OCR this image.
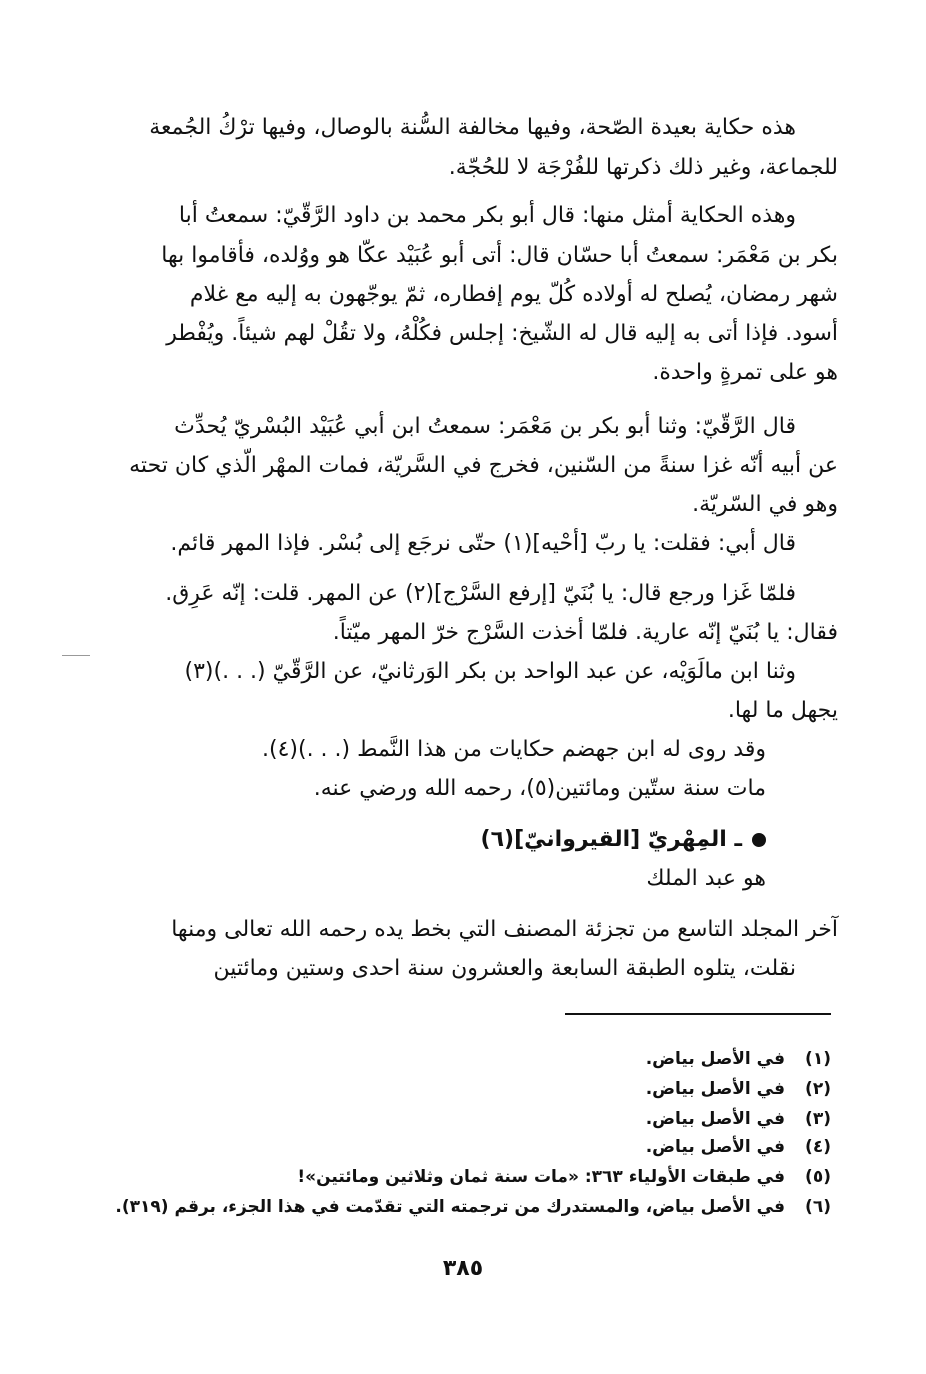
هذه حكاية بعيدة الصّحة، وفيها مخالفة السُّنة بالوصال، وفيها ترْكُ الجُمعة
للجماعة، وغير ذلك ذكرتها للفُرْجَة لا للحُجّة.
وهذه الحكاية أمثل منها: قال أبو بكر محمد بن داود الرَّقّيّ: سمعتُ أبا
بكر بن مَعْمَر: سمعتُ أبا حسّان قال: أتى أبو عُبَيْد عكّا هو ووُلده، فأقاموا بها
شهر رمضان، يُصلح له أولاده كُلّ يوم إفطاره، ثمّ يوجّهون به إليه مع غلام
أسود. فإذا أتى به إليه قال له الشّيخ: إجلس فكُلْهُ، ولا تقُلْ لهم شيئاً. ويُفْطر
هو على تمرةٍ واحدة.
قال الرَّقّيّ: وثنا أبو بكر بن مَعْمَر: سمعتُ ابن أبي عُبَيْد البُسْريّ يُحدِّث
عن أبيه أنّه غزا سنةً من السّنين، فخرج في السَّريّة، فمات المهْر الّذي كان تحته
وهو في السّريّة.
قال أبي: فقلت: يا ربّ [أحْيه](١) حتّى نرجَع إلى بُسْر. فإذا المهر قائم.
فلمّا غَزا ورجع قال: يا بُنَيّ [إرفع السَّرْج](٢) عن المهر. قلت: إنّه عَرِق.
فقال: يا بُنَيّ إنّه عارية. فلمّا أخذت السَّرْج خرّ المهر ميّتاً.
وثنا ابن مالَوَيْه، عن عبد الواحد بن بكر الوَرثانيّ، عن الرَّقّيّ (. . .)(٣)
يجهل ما لها.
وقد روى له ابن جهضم حكايات من هذا النَّمط (. . .)(٤).
مات سنة ستّين ومائتين(٥)، رحمه الله ورضي عنه.
ـ المِهْريّ [القيروانيّ](٦)
هو عبد الملك
آخر المجلد التاسع من تجزئة المصنف التي بخط يده رحمه الله تعالى ومنها
نقلت، يتلوه الطبقة السابعة والعشرون سنة احدى وستين ومائتين
(١)في الأصل بياض.
(٢)في الأصل بياض.
(٣)في الأصل بياض.
(٤)في الأصل بياض.
(٥)في طبقات الأولياء ٣٦٣: «مات سنة ثمان وثلاثين ومائتين»!
(٦)في الأصل بياض، والمستدرك من ترجمته التي تقدّمت في هذا الجزء، برقم (٣١٩).
٣٨٥
